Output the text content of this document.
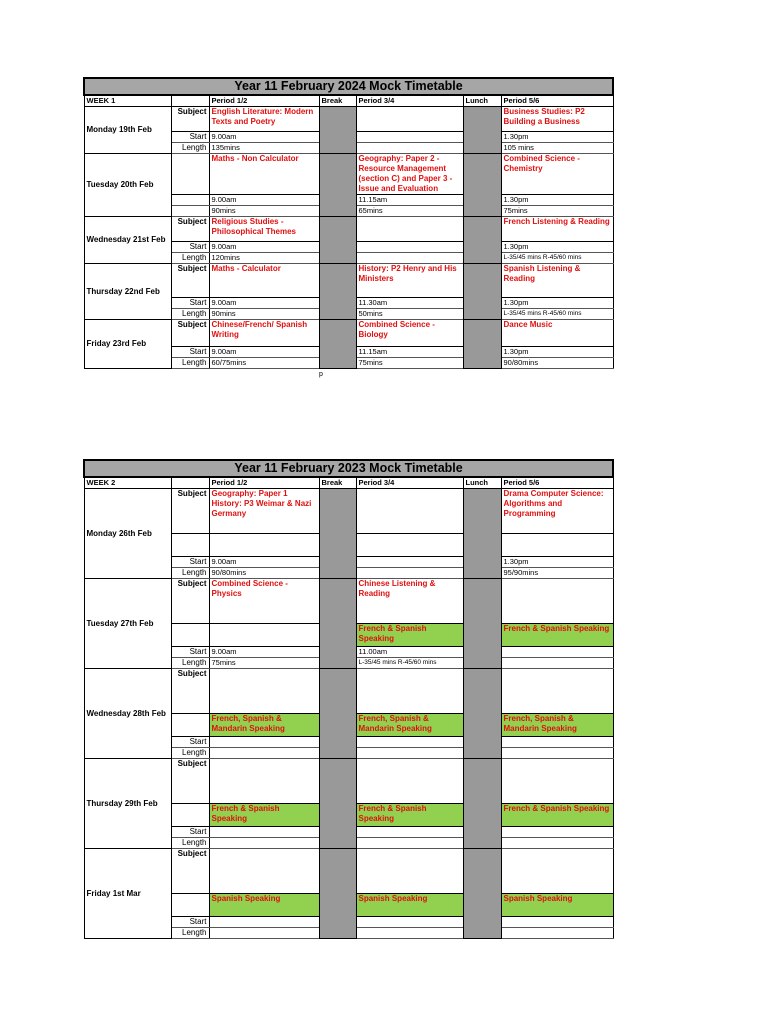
Year 11 February 2024 Mock Timetable						
WEEK 1		Period 1/2	Break	Period 3/4	Lunch	Period 5/6
Monday 19th Feb	Subject	English Literature: Modern Texts and Poetry				Business Studies: P2 Building a Business
	Start	9.00am				1.30pm
	Length	135mins				105 mins
Tuesday 20th Feb		Maths - Non Calculator		Geography: Paper 2 - Resource Management (section C) and Paper 3 - Issue and Evaluation		Combined Science - Chemistry
		9.00am		11.15am		1.30pm
		90mins		65mins		75mins
Wednesday 21st Feb	Subject	Religious Studies - Philosophical Themes				French Listening & Reading
	Start	9.00am				1.30pm
	Length	120mins				L-35/45 mins R-45/60 mins
Thursday 22nd Feb	Subject	Maths - Calculator		History: P2 Henry and His Ministers		Spanish Listening & Reading
	Start	9.00am		11.30am		1.30pm
	Length	90mins		50mins		L-35/45 mins R-45/60 mins
Friday 23rd Feb	Subject	Chinese/French/ Spanish Writing		Combined Science - Biology		Dance Music
	Start	9.00am		11.15am		1.30pm
	Length	60/75mins		75mins		90/80mins
p
Year 11 February 2023 Mock Timetable						
WEEK 2		Period 1/2	Break	Period 3/4	Lunch	Period 5/6
Monday 26th Feb	Subject	Geography: Paper 1 History: P3 Weimar & Nazi Germany				Drama Computer Science: Algorithms and Programming

	Start	9.00am				1.30pm
	Length	90/80mins				95/90mins
Tuesday 27th Feb	Subject	Combined Science - Physics		Chinese Listening & Reading		
				French & Spanish Speaking		French & Spanish Speaking
	Start	9.00am		11.00am		
	Length	75mins		L-35/45 mins R-45/60 mins		
Wednesday 28th Feb	Subject					
		French, Spanish & Mandarin Speaking		French, Spanish & Mandarin Speaking		French, Spanish & Mandarin Speaking
	Start					
	Length					
Thursday 29th Feb	Subject					
		French & Spanish Speaking		French & Spanish Speaking		French & Spanish Speaking
	Start					
	Length					
Friday 1st Mar	Subject					
		Spanish Speaking		Spanish Speaking		Spanish Speaking
	Start					
	Length					
